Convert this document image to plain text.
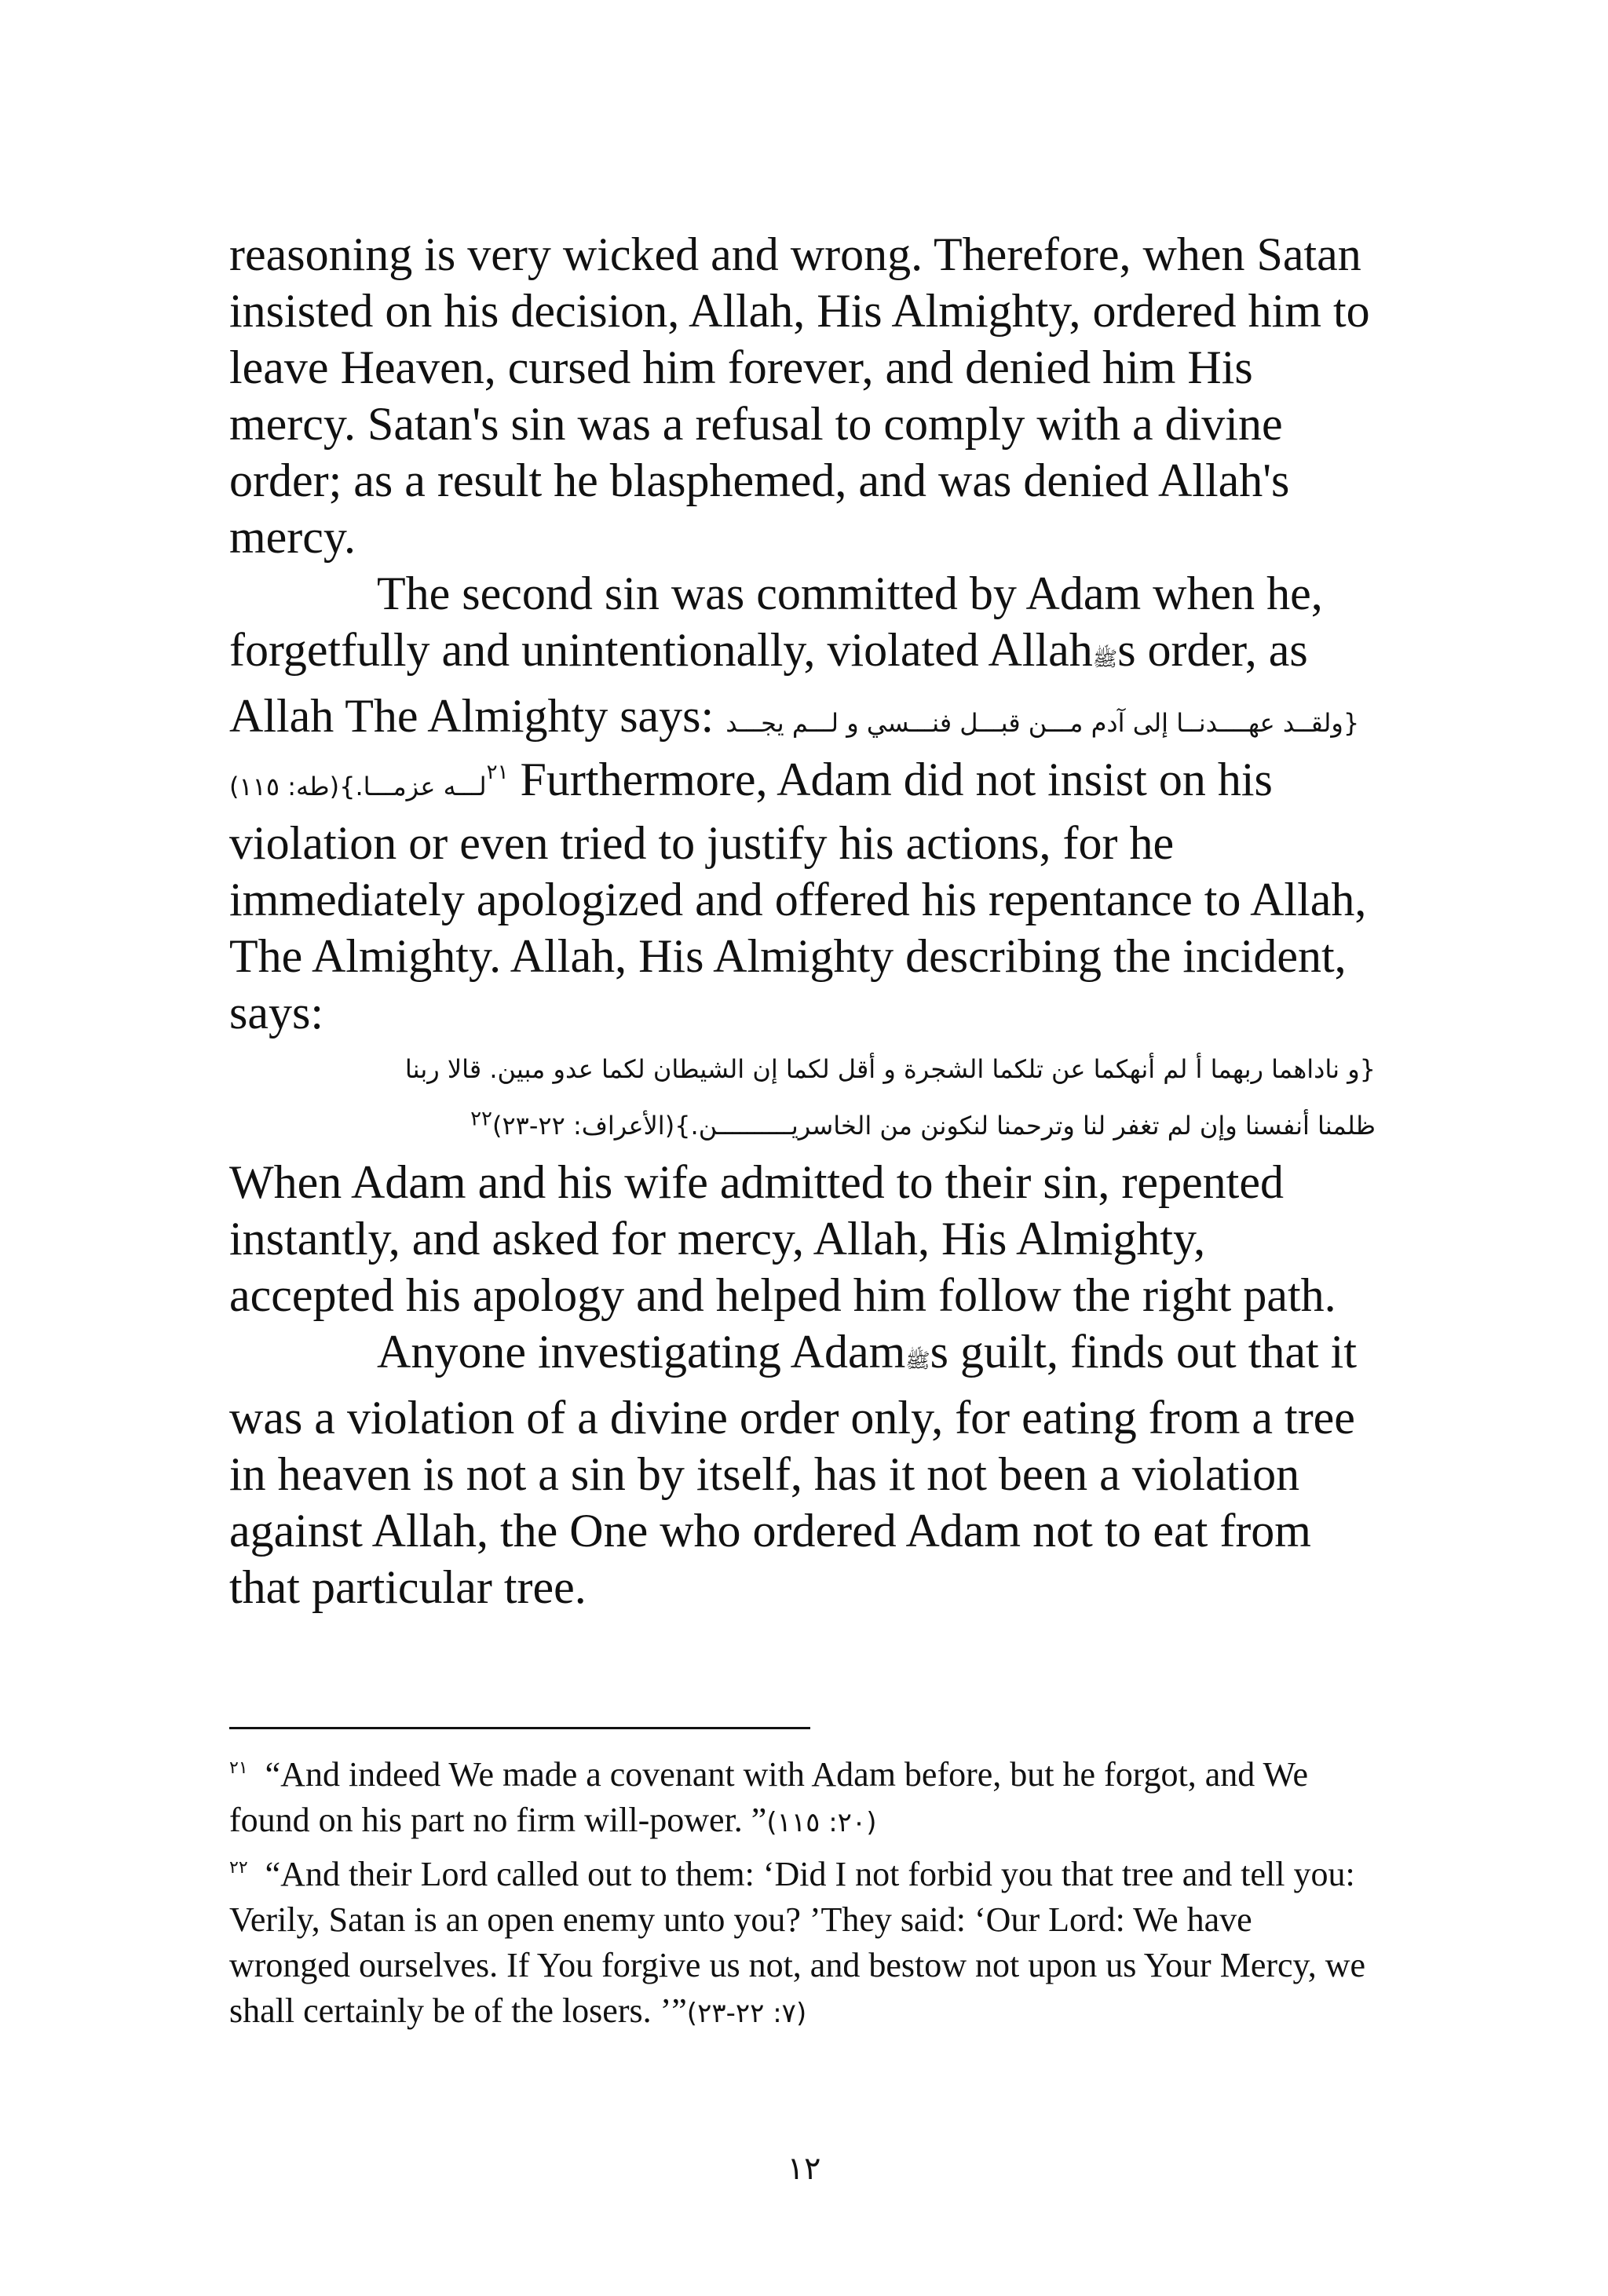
reasoning is very wicked and wrong. Therefore, when Satan insisted on his decision, Allah, His Almighty, ordered him to leave Heaven, cursed him forever, and denied him His mercy. Satan's sin was a refusal to comply with a divine order; as a result he blasphemed, and was denied Allah's mercy.

The second sin was committed by Adam when he, forgetfully and unintentionally, violated Allahﷺs order, as Allah The Almighty says: {ولقــد عهــــدنــا إلى آدم مـــن قبـــل فنـــسي و لـــم يجـــد لـــه عزمـــا.}(طه: ١١٥)$^{٢١}$ Furthermore, Adam did not insist on his violation or even tried to justify his actions, for he immediately apologized and offered his repentance to Allah, The Almighty. Allah, His Almighty describing the incident, says:

{و ناداهما ربهما أ لم أنهكما عن تلكما الشجرة و أقل لكما إن الشيطان لكما عدو مبين. قالا ربنا

ظلمنا أنفسنا وإن لم تغفر لنا وترحمنا لنكونن من الخاسريــــــــــن.}(الأعراف: ٢٢-٢٣)$^{٢٢}$

When Adam and his wife admitted to their sin, repented instantly, and asked for mercy, Allah, His Almighty, accepted his apology and helped him follow the right path.

Anyone investigating Adamﷺs guilt, finds out that it was a violation of a divine order only, for eating from a tree in heaven is not a sin by itself, has it not been a violation against Allah, the One who ordered Adam not to eat from that particular tree.

$^{٢١}$ “And indeed We made a covenant with Adam before, but he forgot, and We found on his part no firm will-power. ”(٢٠: ١١٥)

$^{٢٢}$ “And their Lord called out to them: ‘Did I not forbid you that tree and tell you: Verily, Satan is an open enemy unto you? ’They said: ‘Our Lord: We have wronged ourselves. If You forgive us not, and bestow not upon us Your Mercy, we shall certainly be of the losers. ’”(٧: ٢٢-٢٣)

١٢
